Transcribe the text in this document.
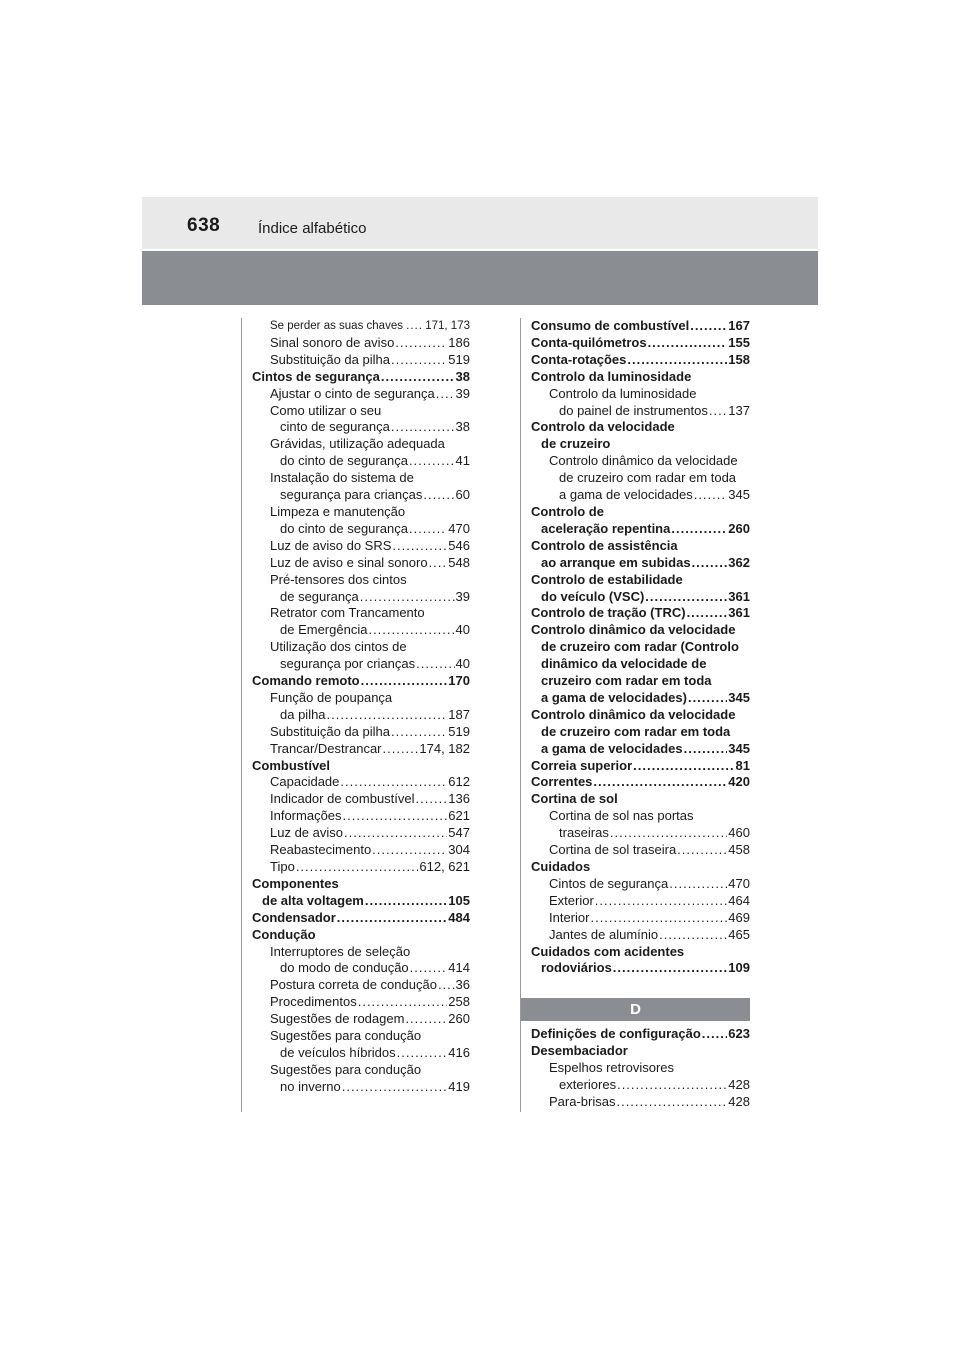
638	Índice alfabético
Se perder as suas chaves . ..... 171, 173
Sinal sonoro de aviso .....	186
Substituição da pilha .....	519
Cintos de segurança .....	38
Ajustar o cinto de segurança ..... 39
Como utilizar o seu
cinto de segurança .....	38
Grávidas, utilização adequada
do cinto de segurança .....	41
Instalação do sistema de
segurança para crianças .....	60
Limpeza e manutenção
do cinto de segurança .....	470
Luz de aviso do SRS .....	546
Luz de aviso e sinal sonoro ..... 548
Pré-tensores dos cintos
de segurança .....	39
Retrator com Trancamento
de Emergência .....	40
Utilização dos cintos de
segurança por crianças .....	40
Comando remoto .....	170
Função de poupança
da pilha .....	187
Substituição da pilha .....	519
Trancar/Destrancar .....	174, 182
Combustível
Capacidade .....	612
Indicador de combustível .....	136
Informações .....	621
Luz de aviso .....	547
Reabastecimento .....	304
Tipo .....	612, 621
Componentes
de alta voltagem .....	105
Condensador .....	484
Condução
Interruptores de seleção
do modo de condução .....	414
Postura correta de condução ..... 36
Procedimentos .....	258
Sugestões de rodagem .....	260
Sugestões para condução
de veículos híbridos .....	416
Sugestões para condução
no inverno .....	419
Consumo de combustível .....	167
Conta-quilómetros .....	155
Conta-rotações .....	158
Controlo da luminosidade
Controlo da luminosidade
do painel de instrumentos ..... 137
Controlo da velocidade
de cruzeiro
Controlo dinâmico da velocidade
de cruzeiro com radar em toda
a gama de velocidades .....	345
Controlo de
aceleração repentina .....	260
Controlo de assistência
ao arranque em subidas .....	362
Controlo de estabilidade
do veículo (VSC) .....	361
Controlo de tração (TRC) .....	361
Controlo dinâmico da velocidade
de cruzeiro com radar (Controlo
dinâmico da velocidade de
cruzeiro com radar em toda
a gama de velocidades) .....	345
Controlo dinâmico da velocidade
de cruzeiro com radar em toda
a gama de velocidades .....	345
Correia superior .....	81
Correntes .....	420
Cortina de sol
Cortina de sol nas portas
traseiras .....	460
Cortina de sol traseira .....	458
Cuidados
Cintos de segurança .....	470
Exterior .....	464
Interior .....	469
Jantes de alumínio .....	465
Cuidados com acidentes
rodoviários .....	109
D
Definições de configuração ..... 623
Desembaciador
Espelhos retrovisores
exteriores .....	428
Para-brisas .....	428
